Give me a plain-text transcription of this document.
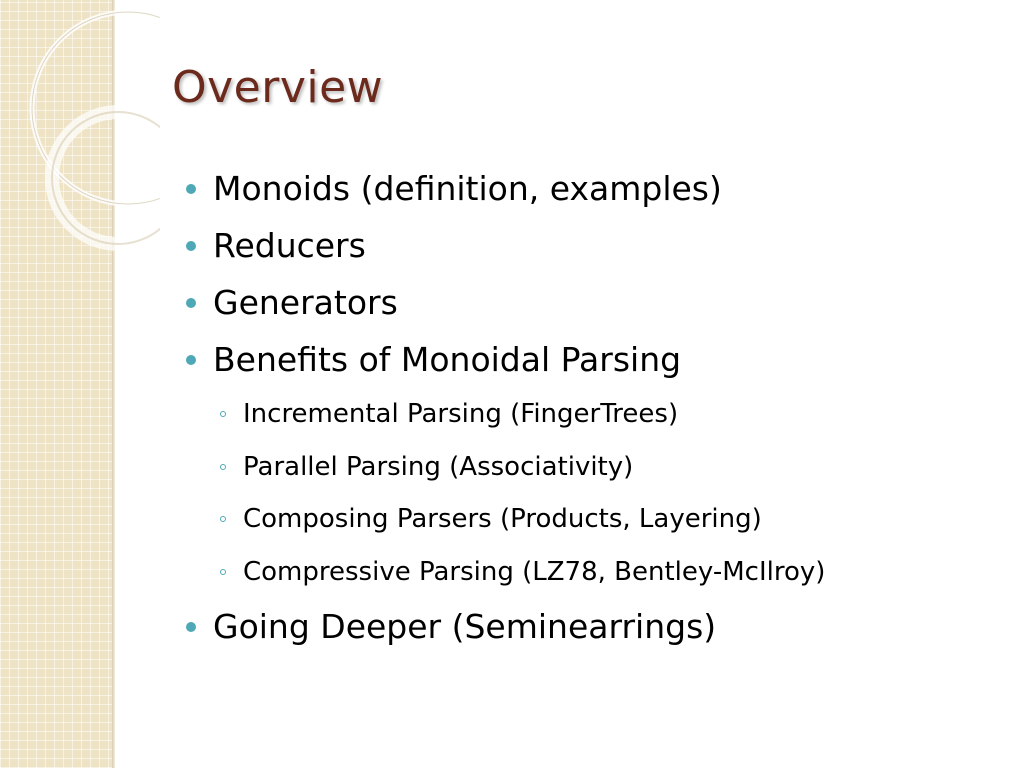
Overview
Monoids (definition, examples)
Reducers
Generators
Benefits of Monoidal Parsing
Incremental Parsing (FingerTrees)
Parallel Parsing (Associativity)
Composing Parsers (Products, Layering)
Compressive Parsing (LZ78, Bentley-McIlroy)
Going Deeper (Seminearrings)
